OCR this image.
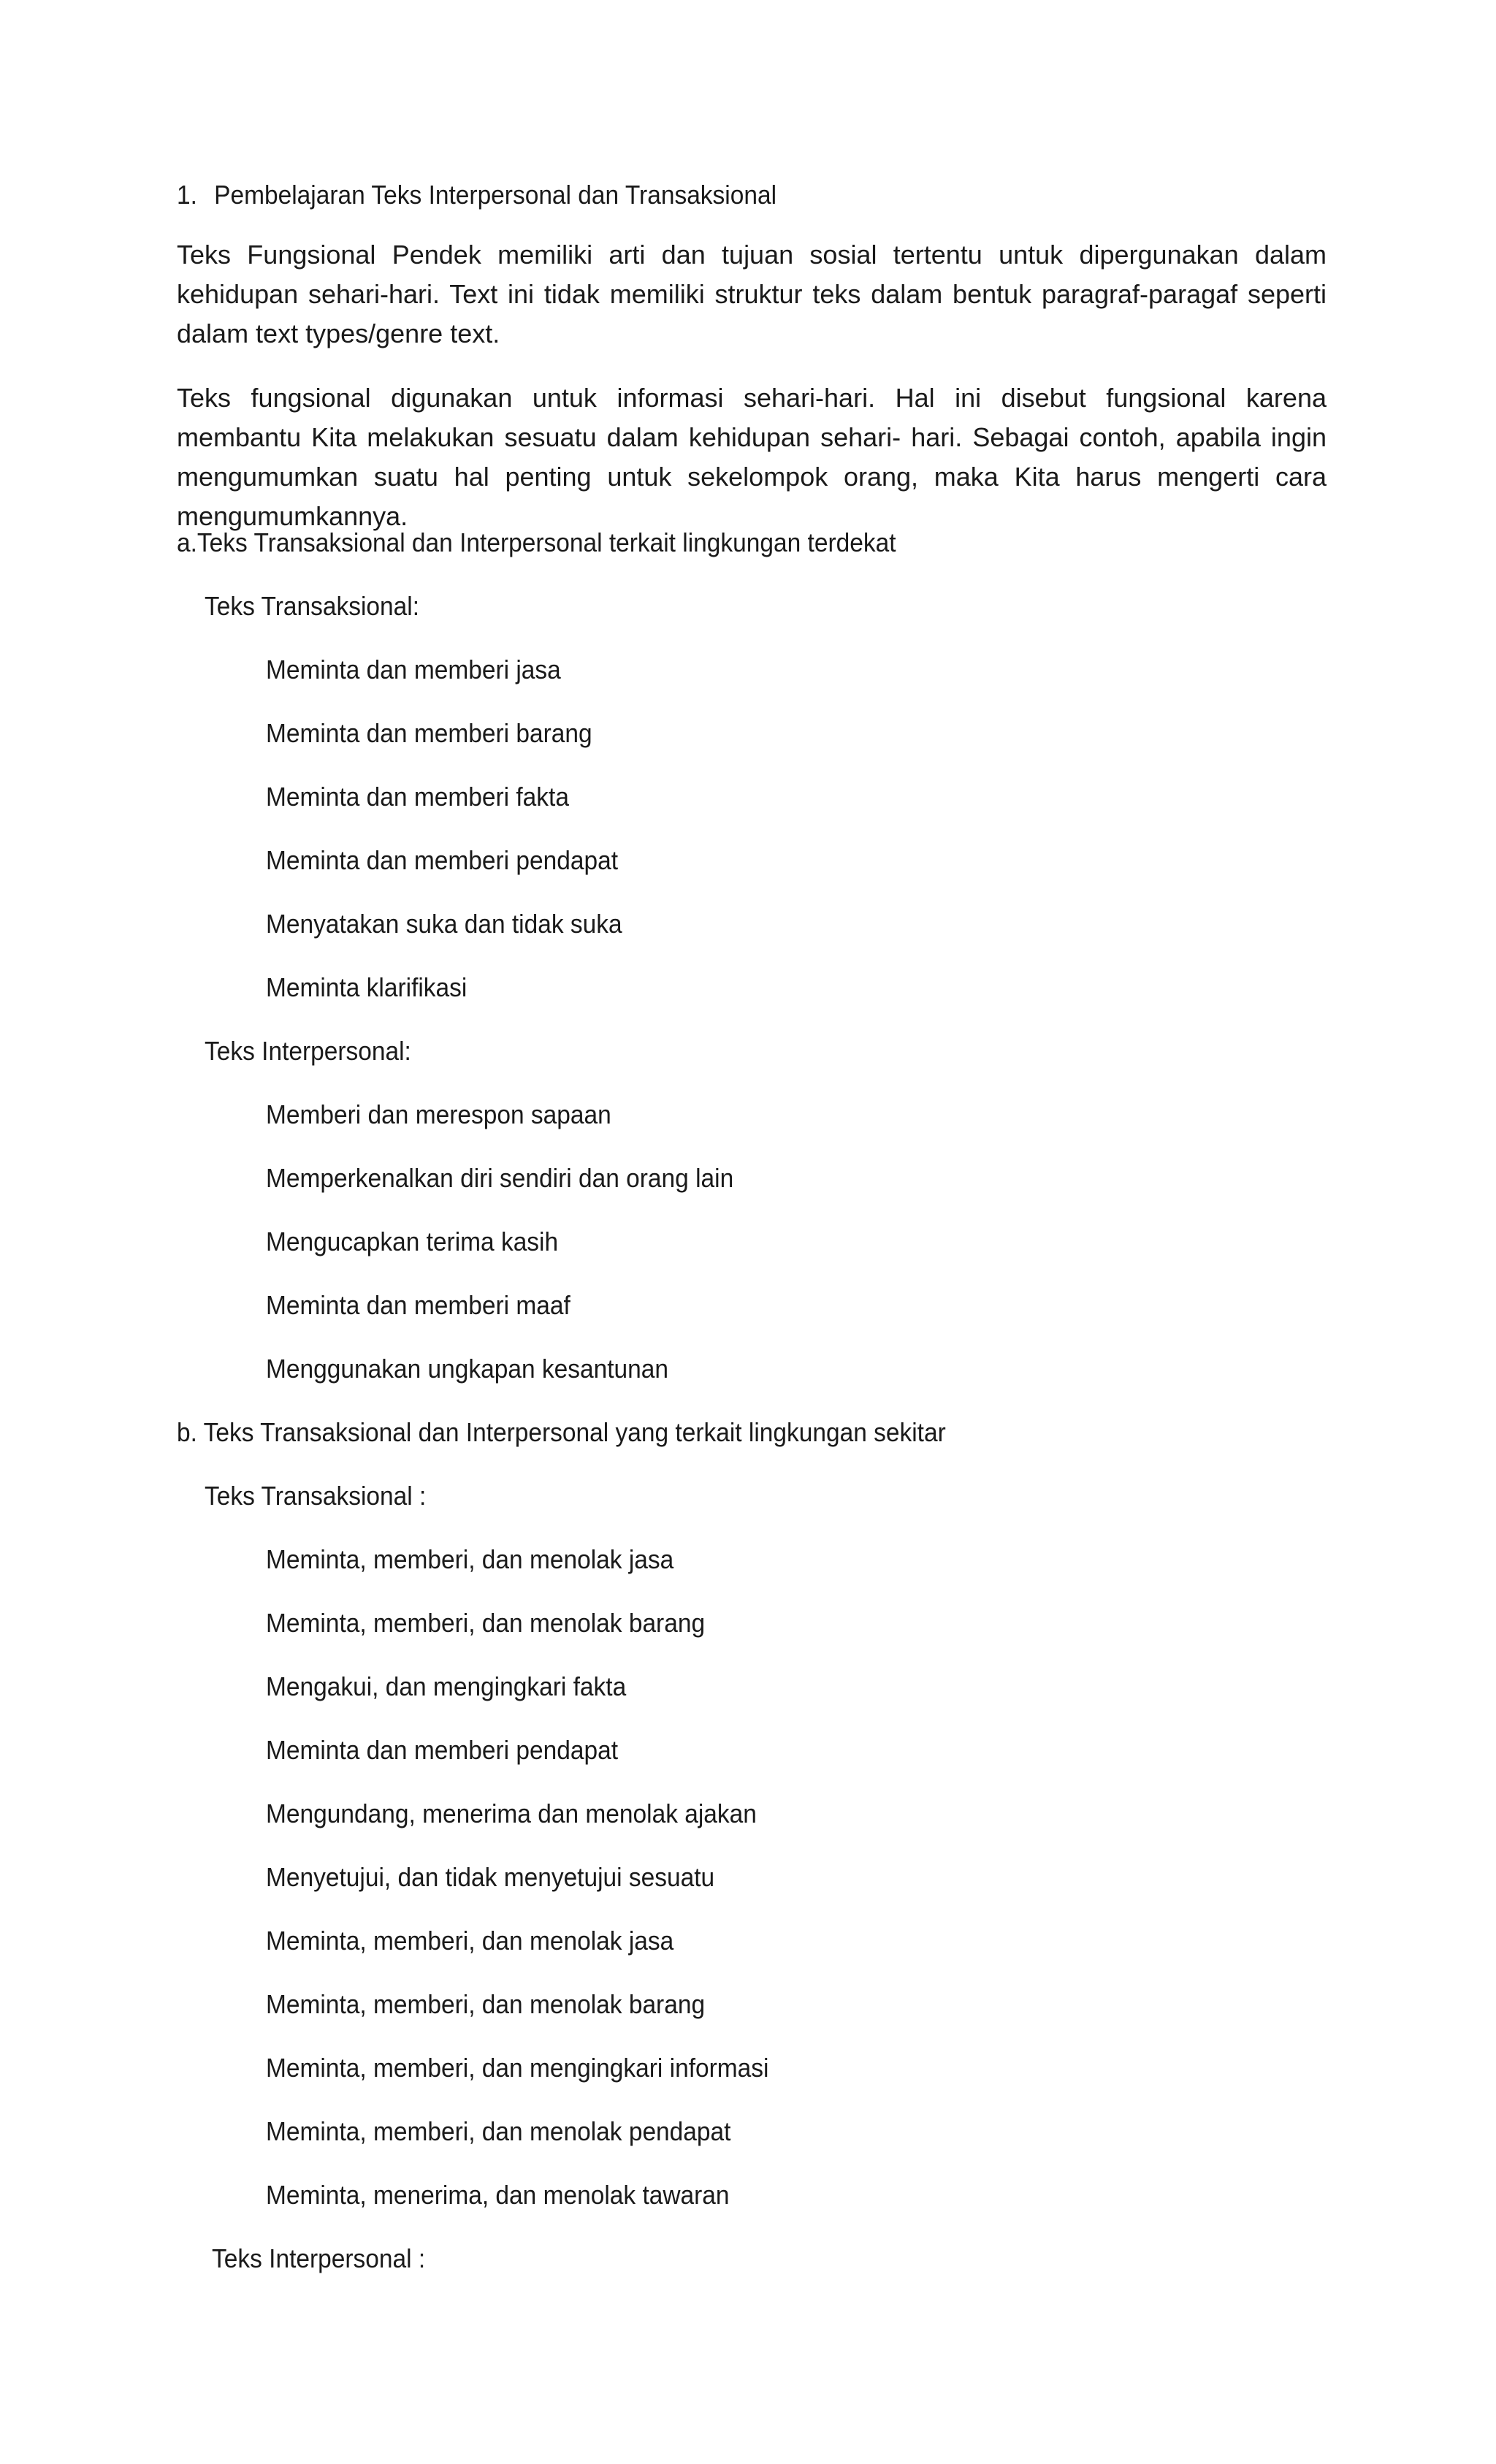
1. Pembelajaran Teks Interpersonal dan Transaksional

Teks Fungsional Pendek memiliki arti dan tujuan sosial tertentu untuk dipergunakan dalam kehidupan sehari-hari. Text ini tidak memiliki struktur teks dalam bentuk paragraf-paragaf seperti dalam text types/genre text.

Teks fungsional digunakan untuk informasi sehari-hari. Hal ini disebut fungsional karena membantu Kita melakukan sesuatu dalam kehidupan sehari- hari. Sebagai contoh, apabila ingin mengumumkan suatu hal penting untuk sekelompok orang, maka Kita harus mengerti cara mengumumkannya.

a.Teks Transaksional dan Interpersonal terkait lingkungan terdekat
Teks Transaksional:
Meminta dan memberi jasa
Meminta dan memberi barang
Meminta dan memberi fakta
Meminta dan memberi pendapat
Menyatakan suka dan tidak suka
Meminta klarifikasi
Teks Interpersonal:
Memberi dan merespon sapaan
Memperkenalkan diri sendiri dan orang lain
Mengucapkan terima kasih
Meminta dan memberi maaf
Menggunakan ungkapan kesantunan
b. Teks Transaksional dan Interpersonal yang terkait lingkungan sekitar
Teks Transaksional :
Meminta, memberi, dan menolak jasa
Meminta, memberi, dan menolak barang
Mengakui, dan mengingkari fakta
Meminta dan memberi pendapat
Mengundang, menerima dan menolak ajakan
Menyetujui, dan tidak menyetujui sesuatu
Meminta, memberi, dan menolak jasa
Meminta, memberi, dan menolak barang
Meminta, memberi, dan mengingkari informasi
Meminta, memberi, dan menolak pendapat
Meminta, menerima, dan menolak tawaran
Teks Interpersonal :
